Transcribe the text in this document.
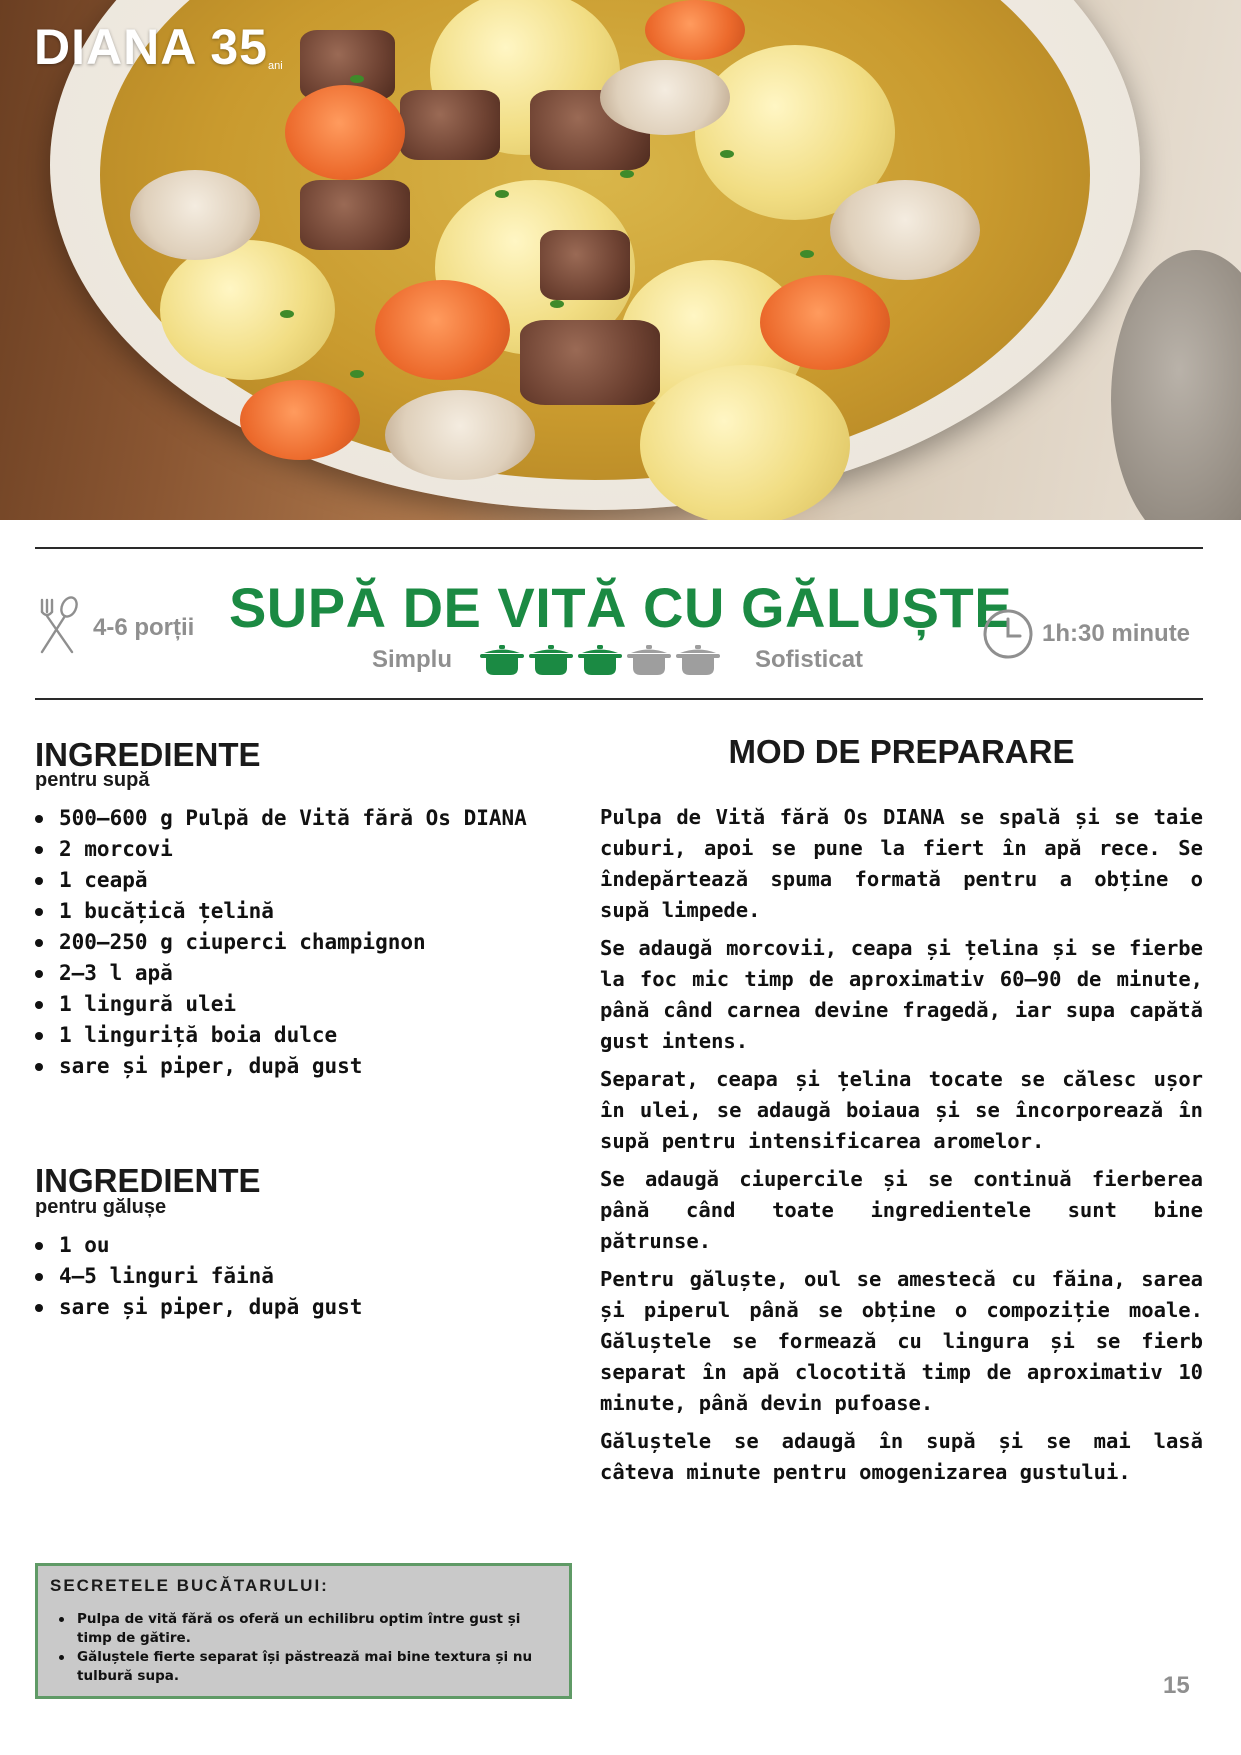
DIANA 35 ani
4-6 porții SUPĂ DE VITĂ CU GĂLUȘTE
Simplu	Sofisticat
1h:30 minute
INGREDIENTE
pentru supă
500–600 g Pulpă de Vită fără Os DIANA
2 morcovi
1 ceapă
1 bucățică țelină
200–250 g ciuperci champignon
2–3 l apă
1 lingură ulei
1 linguriță boia dulce
sare și piper, după gust
INGREDIENTE
pentru gălușe
1 ou
4–5 linguri făină
sare și piper, după gust
MOD DE PREPARARE

Pulpa de Vită fără Os DIANA se spală și se taie cuburi, apoi se pune la fiert în apă rece. Se îndepărtează spuma formată pentru a obține o supă limpede.

Se adaugă morcovii, ceapa și țelina și se fierbe la foc mic timp de aproximativ 60–90 de minute, până când carnea devine fragedă, iar supa capătă gust intens.

Separat, ceapa și țelina tocate se călesc ușor în ulei, se adaugă boiaua și se încorporează în supă pentru intensificarea aromelor.

Se adaugă ciupercile și se continuă fierberea până când toate ingredientele sunt bine pătrunse.

Pentru găluște, oul se amestecă cu făina, sarea și piperul până se obține o compoziție moale. Găluștele se formează cu lingura și se fierb separat în apă clocotită timp de aproximativ 10 minute, până devin pufoase.

Găluștele se adaugă în supă și se mai lasă câteva minute pentru omogenizarea gustului.

SECRETELE BUCĂTARULUI:
Pulpa de vită fără os oferă un echilibru optim între gust și timp de gătire.
Găluștele fierte separat își păstrează mai bine textura și nu tulbură supa.	15
